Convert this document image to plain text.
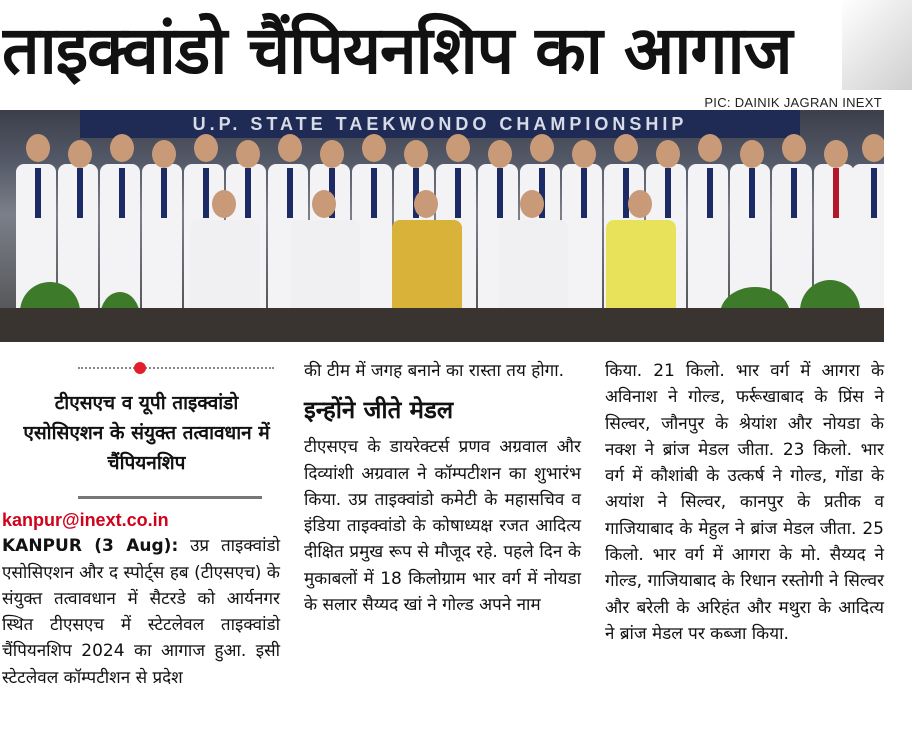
ताइक्वांडो चैंपियनशिप का आगाज
PIC: DAINIK JAGRAN INEXT
U.P. STATE TAEKWONDO CHAMPIONSHIP
टीएसएच व यूपी ताइक्वांडो एसोसिएशन के संयुक्त तत्वावधान में चैंपियनशिप
kanpur@inext.co.in

KANPUR (3 Aug): उप्र ताइक्वांडो एसोसिएशन और द स्पोर्ट्स हब (टीएसएच) के संयुक्त तत्वावधान में सैटरडे को आर्यनगर स्थित टीएसएच में स्टेटलेवल ताइक्वांडो चैंपियनशिप 2024 का आगाज हुआ. इसी स्टेटलेवल कॉम्पटीशन से प्रदेश

की टीम में जगह बनाने का रास्ता तय होगा.

इन्होंने जीते मेडल

टीएसएच के डायरेक्टर्स प्रणव अग्रवाल और दिव्यांशी अग्रवाल ने कॉम्पटीशन का शुभारंभ किया. उप्र ताइक्वांडो कमेटी के महासचिव व इंडिया ताइक्वांडो के कोषाध्यक्ष रजत आदित्य दीक्षित प्रमुख रूप से मौजूद रहे. पहले दिन के मुकाबलों में 18 किलोग्राम भार वर्ग में नोयडा के सलार सैय्यद खां ने गोल्ड अपने नाम

किया. 21 किलो. भार वर्ग में आगरा के अविनाश ने गोल्ड, फर्रूखाबाद के प्रिंस ने सिल्वर, जौनपुर के श्रेयांश और नोयडा के नक्श ने ब्रांज मेडल जीता. 23 किलो. भार वर्ग में कौशांबी के उत्कर्ष ने गोल्ड, गोंडा के अयांश ने सिल्वर, कानपुर के प्रतीक व गाजियाबाद के मेहुल ने ब्रांज मेडल जीता. 25 किलो. भार वर्ग में आगरा के मो. सैय्यद ने गोल्ड, गाजियाबाद के रिधान रस्तोगी ने सिल्वर और बरेली के अरिहंत और मथुरा के आदित्य ने ब्रांज मेडल पर कब्जा किया.
